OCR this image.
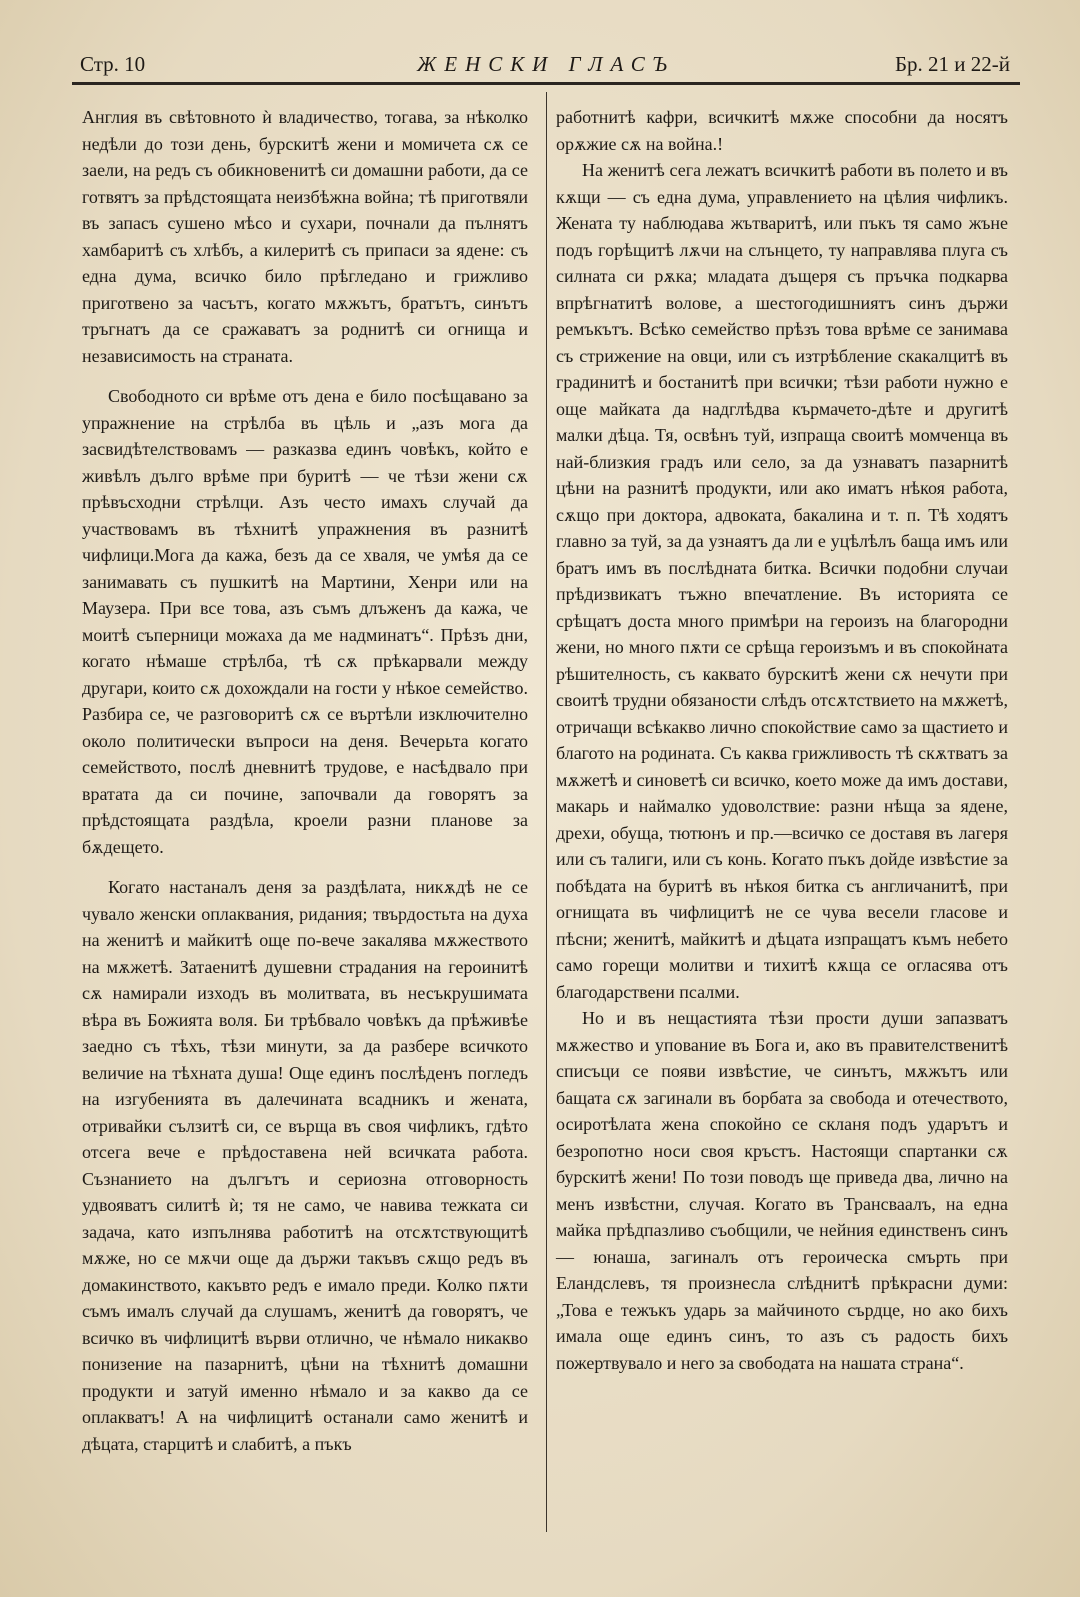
Стр. 10	ЖЕНСКИ ГЛАСЪ	Бр. 21 и 22-й

Англия въ свѣтовното ѝ владичество, тогава, за нѣколко недѣли до този день, бурскитѣ жени и момичета сѫ се заели, на редъ съ обикновенитѣ си домашни работи, да се готвятъ за прѣдстоящата неизбѣжна война; тѣ приготвяли въ запасъ сушено мѣсо и сухари, почнали да пълнятъ хамбаритѣ съ хлѣбъ, а килеритѣ съ припаси за ядене: съ една дума, всичко било прѣгледано и грижливо приготвено за часътъ, когато мѫжътъ, братътъ, синътъ тръгнатъ да се сражаватъ за роднитѣ си огнища и независимость на страната.

Свободното си врѣме отъ дена е било посѣщавано за упражнение на стрѣлба въ цѣль и „азъ мога да засвидѣтелствовамъ — разказва единъ човѣкъ, който е живѣлъ дълго врѣме при буритѣ — че тѣзи жени сѫ прѣвъсходни стрѣлци. Азъ често имахъ случай да участвовамъ въ тѣхнитѣ упражнения въ разнитѣ чифлици.Мога да кажа, безъ да се хваля, че умѣя да се занимавать съ пушкитѣ на Мартини, Хенри или на Маузера. При все това, азъ съмъ длъженъ да кажа, че моитѣ съперници можаха да ме надминатъ“. Прѣзъ дни, когато нѣмаше стрѣлба, тѣ сѫ прѣкарвали между другари, които сѫ дохождали на гости у нѣкое семейство. Разбира се, че разговоритѣ сѫ се въртѣли изключително около политически въпроси на деня. Вечерьта когато семейството, послѣ дневнитѣ трудове, е насѣдвало при вратата да си почине, започвали да говорятъ за прѣдстоящата раздѣла, кроели разни планове за бѫдещето.

Когато настаналъ деня за раздѣлата, никѫдѣ не се чувало женски оплаквания, ридания; твърдостьта на духа на женитѣ и майкитѣ още по-вече закалява мѫжеството на мѫжетѣ. Затаенитѣ душевни страдания на героинитѣ сѫ намирали изходъ въ молитвата, въ несъкрушимата вѣра въ Божията воля. Би трѣбвало човѣкъ да прѣживѣе заедно съ тѣхъ, тѣзи минути, за да разбере всичкото величие на тѣхната душа! Още единъ послѣденъ погледъ на изгубенията въ далечината всадникъ и жената, отривайки сълзитѣ си, се върща въ своя чифликъ, гдѣто отсега вече е прѣдоставена ней всичката работа. Съзнанието на дългътъ и сериозна отговорность удвояватъ силитѣ ѝ; тя не само, че навива тежката си задача, като изпълнява работитѣ на отсѫтствующитѣ мѫже, но се мѫчи още да държи такъвъ сѫщо редъ въ домакинството, какъвто редъ е имало преди. Колко пѫти съмъ ималъ случай да слушамъ, женитѣ да говорятъ, че всичко въ чифлицитѣ върви отлично, че нѣмало никакво понизение на пазарнитѣ, цѣни на тѣхнитѣ домашни продукти и затуй именно нѣмало и за какво да се оплакватъ! А на чифлицитѣ останали само женитѣ и дѣцата, старцитѣ и слабитѣ, а пъкъ

работнитѣ кафри, всичкитѣ мѫже способни да носятъ орѫжие сѫ на война.!

На женитѣ сега лежатъ всичкитѣ работи въ полето и въ кѫщи — съ една дума, управлението на цѣлия чифликъ. Жената ту наблюдава жътваритѣ, или пъкъ тя само жъне подъ горѣщитѣ лѫчи на слънцето, ту направлява плуга съ силната си рѫка; младата дъщеря съ пръчка подкарва впрѣгнатитѣ волове, а шестогодишниятъ синъ държи ремъкътъ. Всѣко семейство прѣзъ това врѣме се занимава съ стрижение на овци, или съ изтрѣбление скакалцитѣ въ градинитѣ и бостанитѣ при всички; тѣзи работи нужно е още майката да надглѣдва кърмачето-дѣте и другитѣ малки дѣца. Тя, освѣнъ туй, изпраща своитѣ момченца въ най-близкия градъ или село, за да узнаватъ пазарнитѣ цѣни на разнитѣ продукти, или ако иматъ нѣкоя работа, сѫщо при доктора, адвоката, бакалина и т. п. Тѣ ходятъ главно за туй, за да узнаятъ да ли е уцѣлѣлъ баща имъ или братъ имъ въ послѣдната битка. Всички подобни случаи прѣдизвикатъ тъжно впечатление. Въ историята се срѣщатъ доста много примѣри на героизъ на благородни жени, но много пѫти се срѣща героизъмъ и въ спокойната рѣшителность, съ каквато бурскитѣ жени сѫ нечути при своитѣ трудни обязаности слѣдъ отсѫтствието на мѫжетѣ, отричащи всѣкакво лично спокойствие само за щастието и благото на родината. Съ каква грижливость тѣ скѫтватъ за мѫжетѣ и синоветѣ си всичко, което може да имъ достави, макарь и наймалко удоволствие: разни нѣща за ядене, дрехи, обуща, тютюнъ и пр.—всичко се доставя въ лагеря или съ талиги, или съ конь. Когато пъкъ дойде извѣстие за побѣдата на буритѣ въ нѣкоя битка съ англичанитѣ, при огнищата въ чифлицитѣ не се чува весели гласове и пѣсни; женитѣ, майкитѣ и дѣцата изпращатъ къмъ небето само горещи молитви и тихитѣ кѫща се огласява отъ благодарствени псалми.

Но и въ нещастията тѣзи прости души запазватъ мѫжество и упование въ Бога и, ако въ правителственитѣ списъци се появи извѣстие, че синътъ, мѫжътъ или бащата сѫ загинали въ борбата за свобода и отечеството, осиротѣлата жена спокойно се скланя подъ ударътъ и безропотно носи своя кръстъ. Настоящи спартанки сѫ бурскитѣ жени! По този поводъ ще приведа два, лично на менъ извѣстни, случая. Когато въ Трансваалъ, на една майка прѣдпазливо съобщили, че нейния единственъ синъ — юнаша, загиналъ отъ героическа смърть при Еландслевъ, тя произнесла слѣднитѣ прѣкрасни думи: „Това е тежъкъ ударь за майчиното сърдце, но ако бихъ имала още единъ синъ, то азъ съ радость бихъ пожертвувало и него за свободата на нашата страна“.
